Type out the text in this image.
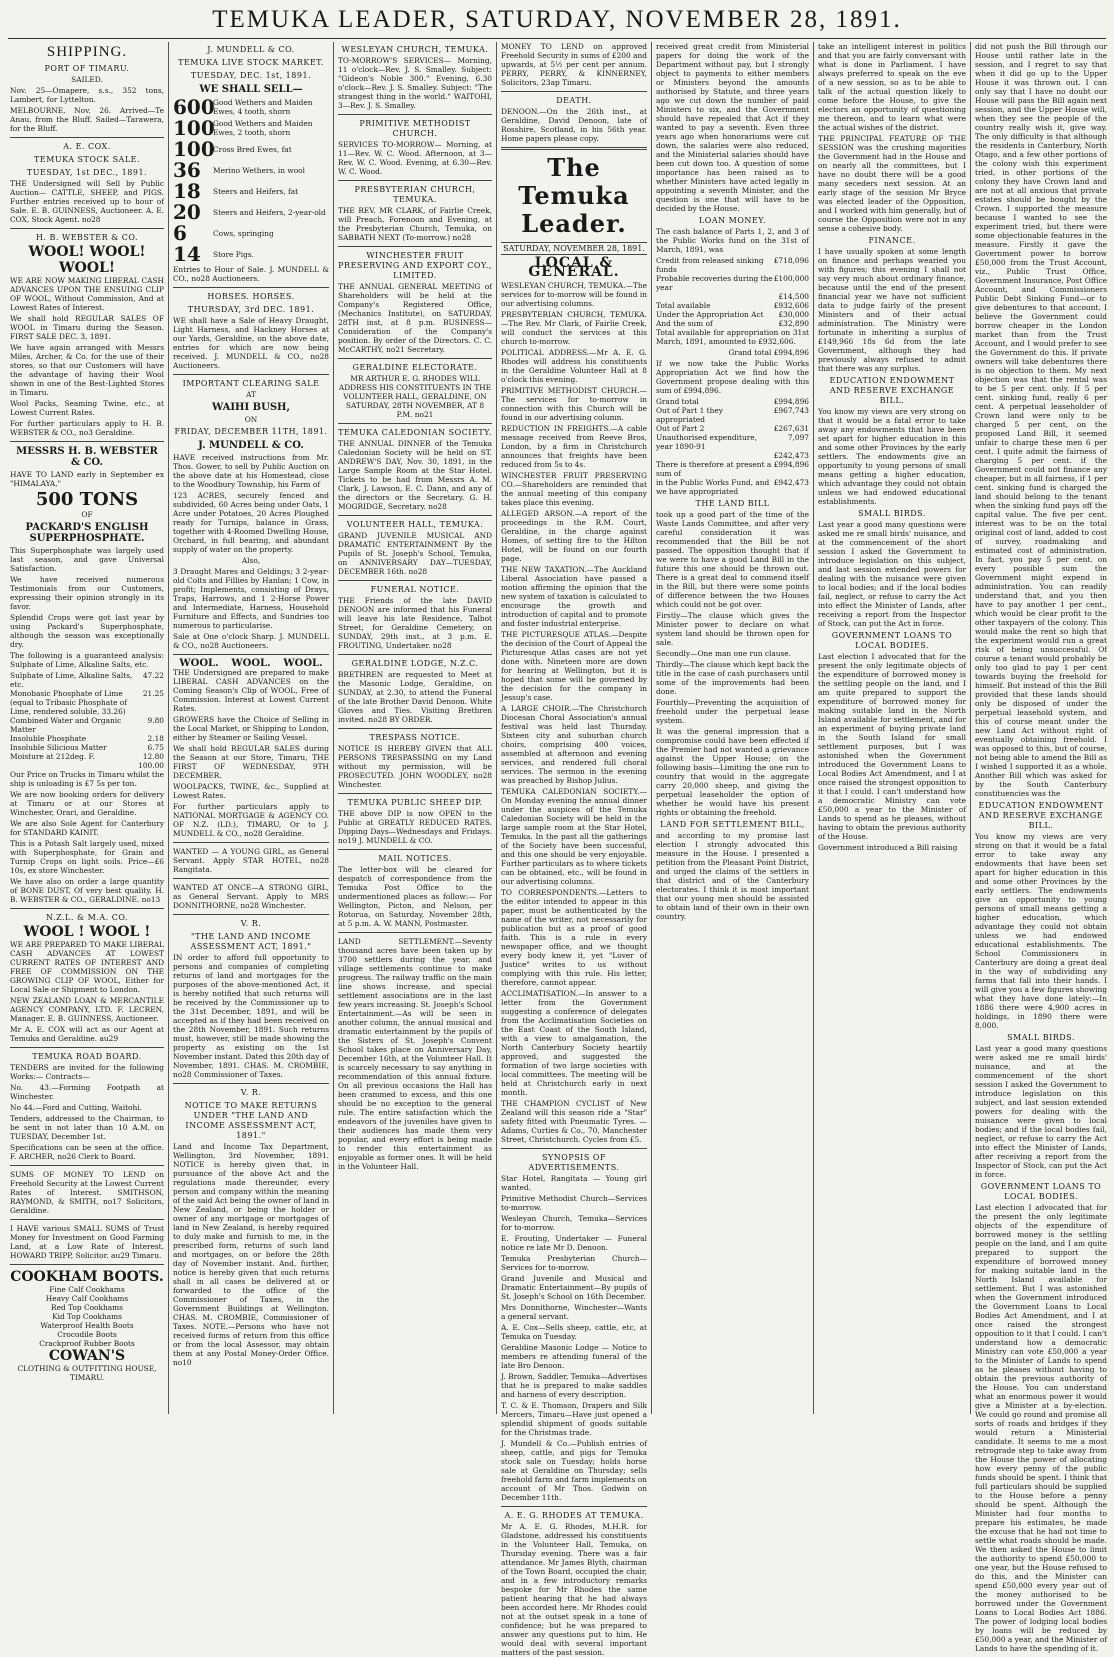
TEMUKA LEADER, SATURDAY, NOVEMBER 28, 1891.
SHIPPING.
PORT OF TIMARU.

SAILED.

Nov. 25—Omapere, s.s., 352 tons, Lambert, for Lyttelton.

MELBOURNE, Nov. 26. Arrived—Te Anau, from the Bluff. Sailed—Tarawera, for the Bluff.

A. E. COX.
TEMUKA STOCK SALE.
TUESDAY, 1st DEC., 1891.

THE Undersigned will Sell by Public Auction— CATTLE, SHEEP, and PIGS. Further entries received up to hour of Sale. E. B. GUINNESS, Auctioneer. A. E. COX, Stock Agent. no28

H. B. WEBSTER & CO.
WOOL! WOOL! WOOL!

WE ARE NOW MAKING LIBERAL CASH ADVANCES UPON THE ENSUING CLIP OF WOOL, Without Commission, And at Lowest Rates of Interest.

We shall hold REGULAR SALES OF WOOL in Timaru during the Season. FIRST SALE DEC. 3, 1891.

We have again arranged with Messrs Miles, Archer, & Co. for the use of their stores, so that our Customers will have the advantage of having their Wool shown in one of the Best-Lighted Stores in Timaru.

Wool Packs, Seaming Twine, etc., at Lowest Current Rates.

For further particulars apply to H. B. WEBSTER & CO., no3 Geraldine.

MESSRS H. B. WEBSTER & CO.

HAVE TO LAND early in September ex "HIMALAYA,"

500 TONS

OF

PACKARD'S ENGLISH SUPERPHOSPHATE.

This Superphosphate was largely used last season, and gave Universal Satisfaction.

We have received numerous Testimonials from our Customers, expressing their opinion strongly in its favor.

Splendid Crops were got last year by using Packard's Superphosphate, although the season was exceptionally dry.

The following is a guaranteed analysis: Sulphate of Lime, Alkaline Salts, etc.

Sulphate of Lime, Alkaline Salts, etc.	47.22
Monobasic Phosphate of Lime (equal to Tribasic Phosphate of Lime, rendered soluble, 33.26)	21.25
Combined Water and Organic Matter	9.80
Insoluble Phosphate	2.18
Insoluble Silicious Matter	6.75
Moisture at 212deg. F.	12.80
	100.00

Our Price on Trucks in Timaru whilst the ship is unloading is £7 5s per ton.

We are now booking orders for delivery at Timaru or at our Stores at Winchester, Orari, and Geraldine.

We are also Sole Agent for Canterbury for STANDARD KAINIT.

This is a Potash Salt largely used, mixed with Superphosphate, for Grain and Turnip Crops on light soils. Price—£6 10s, ex store Winchester.

We have also on order a large quantity of BONE DUST, Of very best quality. H. B. WEBSTER & CO., GERALDINE. no13

N.Z.L. & M.A. CO.
WOOL ! WOOL !

WE ARE PREPARED TO MAKE LIBERAL CASH ADVANCES AT LOWEST CURRENT RATES OF INTEREST AND FREE OF COMMISSION ON THE GROWING CLIP OF WOOL, Either for Local Sale or Shipment to London.

NEW ZEALAND LOAN & MERCANTILE AGENCY COMPANY, LTD. F. LECREN, Manager. E. B. GUINNESS, Auctioneer.

Mr A. E. COX will act as our Agent at Temuka and Geraldine. au29

TEMUKA ROAD BOARD.

TENDERS are invited for the following Works:— Contracts—

No. 43.—Forming Footpath at Winchester.

No 44.—Ford and Cutting, Waitohi.

Tenders, addressed to the Chairman, to be sent in not later than 10 A.M. on TUESDAY, December 1st.

Specifications can be seen at the office. F. ARCHER, no26 Clerk to Board.

SUMS OF MONEY TO LEND on Freehold Security at the Lowest Current Rates of Interest. SMITHSON, RAYMOND, & SMITH, no17 Solicitors, Geraldine.

I HAVE various SMALL SUMS of Trust Money for Investment on Good Farming Land, at a Low Rate of Interest. HOWARD TRIPP, Solicitor. au29 Timaru.

COOKHAM BOOTS.

Fine Calf Cookhams

Heavy Calf Cookhams

Red Top Cookhams

Kid Top Cookhams

Waterproof Health Boots

Crocodile Boots

Crackproof Rubber Boots

COWAN'S

CLOTHING & OUTFITTING HOUSE, TIMARU.

J. MUNDELL & CO.
TEMUKA LIVE STOCK MARKET.
TUESDAY, DEC. 1st, 1891.
WE SHALL SELL—
600
Good Wethers and Maiden Ewes, 4 tooth, shorn
100
Good Wethers and Maiden Ewes, 2 tooth, shorn
100
Cross Bred Ewes, fat
36	Merino Wethers, in wool
18	Steers and Heifers, fat
20	Steers and Heifers, 2-year-old
6	Cows, springing
14	Store Pigs.

Entries to Hour of Sale. J. MUNDELL & CO., no28 Auctioneers.

HORSES. HORSES.
THURSDAY, 3rd DEC. 1891.

WE shall have a Sale of Heavy Draught, Light Harness, and Hackney Horses at our Yards, Geraldine, on the above date, entries for which are now being received. J. MUNDELL & CO., no28 Auctioneers.

IMPORTANT CLEARING SALE

AT

WAIHI BUSH,

ON

FRIDAY, DECEMBER 11TH, 1891.
J. MUNDELL & CO.

HAVE received instructions from Mr. Thos. Gower, to sell by Public Auction on the above date at his Homestead, close to the Woodbury Township, his Farm of

123 ACRES, securely fenced and subdivided, 60 Acres being under Oats, 1 Acre under Potatoes, 20 Acres Ploughed ready for Turnips, balance in Grass, together with 4-Roomed Dwelling House, Orchard, in full bearing, and abundant supply of water on the property.

Also,

3 Draught Mares and Geldings; 3 2-year-old Colts and Fillies by Hanlan; 1 Cow, in profit; Implements, consisting of Drays, Traps, Harrows, and 1 2-Horse Power and Intermediate, Harness, Household Furniture and Effects, and Sundries too numerous to particularise.

Sale at One o'clock Sharp. J. MUNDELL & CO., no28 Auctioneers.

WOOL. WOOL. WOOL.

THE Undersigned are prepared to make LIBERAL CASH ADVANCES on the Coming Season's Clip of WOOL, Free of Commission. Interest at Lowest Current Rates.

GROWERS have the Choice of Selling in the Local Market, or Shipping to London, either by Steamer or Sailing Vessel.

We shall hold REGULAR SALES during the Season at our Store, Timaru, THE FIRST OF WEDNESDAY, 9TH DECEMBER.

WOOLPACKS, TWINE, &c., Supplied at Lowest Rates.

For further particulars apply to NATIONAL MORTGAGE & AGENCY CO. OF N.Z. (LD.), TIMARU, Or to J. MUNDELL & CO., no28 Geraldine.

WANTED — A YOUNG GIRL, as General Servant. Apply STAR HOTEL, no28 Rangitata.

WANTED AT ONCE—A STRONG GIRL, as General Servant. Apply to MRS DONNITHORNE, no28 Winchester.

V. R.
"THE LAND AND INCOME ASSESSMENT ACT, 1891."

IN order to afford full opportunity to persons and companies of completing returns of land and mortgages for the purposes of the above-mentioned Act, it is hereby notified that such returns will be received by the Commissioner up to the 31st December, 1891, and will be accepted as if they had been received on the 28th November, 1891. Such returns must, however, still be made showing the property as existing on the 1st November instant. Dated this 20th day of November, 1891. CHAS. M. CROMBIE, no28 Commissioner of Taxes.

V. R.
NOTICE TO MAKE RETURNS UNDER "THE LAND AND INCOME ASSESSMENT ACT, 1891."

Land and Income Tax Department, Wellington, 3rd November, 1891. NOTICE is hereby given that, in pursuance of the above Act and the regulations made thereunder, every person and company within the meaning of the said Act being the owner of land in New Zealand, or being the holder or owner of any mortgage or mortgages of land in New Zealand, is hereby required to duly make and furnish to me, in the prescribed form, returns of such land and mortgages, on or before the 28th day of November instant. And, further, notice is hereby given that such returns shall in all cases be delivered at or forwarded to the office of the Commissioner of Taxes, in the Government Buildings at Wellington. CHAS. M. CROMBIE, Commissioner of Taxes. NOTE.—Persons who have not received forms of return from this office or from the local Assessor, may obtain them at any Postal Money-Order Office. no10

WESLEYAN CHURCH, TEMUKA.

TO-MORROW'S SERVICES— Morning, 11 o'clock—Rev. J. S. Smalley. Subject: "Gideon's Noble 300." Evening, 6.30 o'clock—Rev. J. S. Smalley. Subject: "The strangest thing in the world." WAITOHI, 3—Rev. J. S. Smalley.

PRIMITIVE METHODIST CHURCH.

SERVICES TO-MORROW— Morning, at 11—Rev. W. C. Wood. Afternoon, at 3—Rev. W. C. Wood. Evening, at 6.30—Rev. W. C. Wood.

PRESBYTERIAN CHURCH, TEMUKA.

THE REV. MR CLARK, of Fairlie Creek, will Preach, Forenoon and Evening, at the Presbyterian Church, Temuka, on SABBATH NEXT (To-morrow.) no28

WINCHESTER FRUIT PRESERVING AND EXPORT COY., LIMITED.

THE ANNUAL GENERAL MEETING of Shareholders will be held at the Company's Registered Office, (Mechanics Institute), on SATURDAY, 28TH inst, at 8 p.m. BUSINESS— Consideration of the Company's position. By order of the Directors. C. C. McCARTHY, no21 Secretary.

GERALDINE ELECTORATE.

MR ARTHUR E. G. RHODES WILL ADDRESS HIS CONSTITUENTS IN THE VOLUNTEER HALL, GERALDINE, ON SATURDAY, 28TH NOVEMBER, AT 8 P.M. no21

TEMUKA CALEDONIAN SOCIETY.

THE ANNUAL DINNER of the Temuka Caledonian Society will be held on ST. ANDREW'S DAY, Nov. 30, 1891, in the Large Sample Room at the Star Hotel. Tickets to be had from Messrs A. M. Clark, J. Lawson, E. C. Dann, and any of the directors or the Secretary. G. H. MOGRIDGE, Secretary. no28

VOLUNTEER HALL, TEMUKA.

GRAND JUVENILE MUSICAL AND DRAMATIC ENTERTAINMENT By the Pupils of St. Joseph's School, Temuka, on ANNIVERSARY DAY—TUESDAY, DECEMBER 16th. no28

FUNERAL NOTICE.

THE Friends of the late DAVID DENOON are informed that his Funeral will leave his late Residence, Talbot Street, for Geraldine Cemetery, on SUNDAY, 29th inst., at 3 p.m. E. FROUTING, Undertaker. no28

GERALDINE LODGE, N.Z.C.

BRETHREN are requested to Meet at the Masonic Lodge, Geraldine, on SUNDAY, at 2.30, to attend the Funeral of the late Brother David Denoon. White Gloves and Ties. Visiting Brethren invited. no28 BY ORDER.

TRESPASS NOTICE.

NOTICE IS HEREBY GIVEN that ALL PERSONS TRESPASSING on my Land without my permission, will be PROSECUTED. JOHN WOODLEY, no28 Winchester.

TEMUKA PUBLIC SHEEP DIP.

THE above DIP is now OPEN to the Public at GREATLY REDUCED RATES. Dipping Days—Wednesdays and Fridays. no19 J. MUNDELL & CO.

MAIL NOTICES.

The letter-box will be cleared for despatch of correspondence from the Temuka Post Office to the undermentioned places as follow:— For Wellington, Picton, and Nelson, per Rotorua, on Saturday, November 28th, at 5 p.m. A. W. MANN, Postmaster.

LAND SETTLEMENT.—Seventy thousand acres have been taken up by 3700 settlers during the year, and village settlements continue to make progress. The railway traffic on the main line shows increase, and special settlement associations are in the last few years increasing. St. Joseph's School Entertainment.—As will be seen in another column, the annual musical and dramatic entertainment by the pupils of the Sisters of St. Joseph's Convent School takes place on Anniversary Day, December 16th, at the Volunteer Hall. It is scarcely necessary to say anything in recommendation of this annual fixture. On all previous occasions the Hall has been crammed to excess, and this one should be no exception to the general rule. The entire satisfaction which the endeavors of the juveniles have given to their audiences has made them very popular, and every effort is being made to render this entertainment as enjoyable as former ones. It will be held in the Volunteer Hall.

MONEY TO LEND on approved Freehold Security in sums of £200 and upwards, at 5½ per cent per annum. PERRY, PERRY, & KINNERNEY, Solicitors, 23ap Timaru.

DEATH.

DENOON.—On the 26th inst., at Geraldine, David Denoon, late of Rosshire, Scotland, in his 56th year. Home papers please copy.

The Temuka Leader.
SATURDAY, NOVEMBER 28, 1891.
LOCAL & GENERAL.

WESLEYAN CHURCH, TEMUKA.—The services for to-morrow will be found in our advertising columns.

PRESBYTERIAN CHURCH, TEMUKA.—The Rev. Mr Clark, of Fairlie Creek, will conduct the services at this church to-morrow.

POLITICAL ADDRESS.—Mr A. E. G. Rhodes will address his constituents in the Geraldine Volunteer Hall at 8 o'clock this evening.

PRIMITIVE METHODIST CHURCH.—The services for to-morrow in connection with this Church will be found in our advertising column.

REDUCTION IN FREIGHTS.—A cable message received from Reeve Bros, London, by a firm in Christchurch announces that freights have been reduced from 5s to 4s.

WINCHESTER FRUIT PRESERVING CO.—Shareholders are reminded that the annual meeting of this company takes place this evening.

ALLEGED ARSON.—A report of the proceedings in the R.M. Court, Geraldine, in the charge against Homes, of setting fire to the Hilton Hotel, will be found on our fourth page.

THE NEW TAXATION.—The Auckland Liberal Association have passed a motion affirming the opinion that the new system of taxation is calculated to encourage the growth and introduction of capital and to promote and foster industrial enterprise.

THE PICTURESQUE ATLAS.—Despite the decision of the Court of Appeal the Picturesque Atlas cases are not yet done with. Nineteen more are down for hearing at Wellington, but it is hoped that some will be governed by the decision for the company in Jessup's case.

A LARGE CHOIR.—The Christchurch Diocesan Choral Association's annual festival was held last Thursday. Sixteen city and suburban church choirs, comprising 400 voices, assembled at afternoon and evening services, and rendered full choral services. The sermon in the evening was preached by Bishop Julius.

TEMUKA CALEDONIAN SOCIETY.—On Monday evening the annual dinner under the auspices of the Temuka Caledonian Society will be held in the large sample room at the Star Hotel, Temuka. In the past all the gatherings of the Society have been successful, and this one should be very enjoyable. Further particulars as to where tickets can be obtained, etc., will be found in our advertising columns.

TO CORRESPONDENTS.—Letters to the editor intended to appear in this paper, must be authenticated by the name of the writer, not necessarily for publication but as a proof of good faith. This is a rule in every newspaper office, and we thought every body knew it, yet "Lover of Justice" writes to us without complying with this rule. His letter, therefore, cannot appear.

ACCLIMATISATION.—In answer to a letter from the Government suggesting a conference of delegates from the Acclimatisation Societies on the East Coast of the South Island, with a view to amalgamation, the North Canterbury Society heartily approved, and suggested the formation of two large societies with local committees. The meeting will be held at Christchurch early in next month.

THE CHAMPION CYCLIST of New Zealand will this season ride a "Star" safety fitted with Pneumatic Tyres. — Adams, Curties & Co., 70, Manchester Street, Christchurch. Cycles from £5.

SYNOPSIS OF ADVERTISEMENTS.

Star Hotel, Rangitata — Young girl wanted.

Primitive Methodist Church—Services to-morrow.

Wesleyan Church, Temuka—Services for to-morrow.

E. Frouting, Undertaker — Funeral notice re late Mr D. Denoon.

Temuka Presbyterian Church—Services for to-morrow.

Grand Juvenile and Musical and Dramatic Entertainment—By pupils of St. Joseph's School on 16th December.

Mrs Donnithorne, Winchester—Wants a general servant.

A. E. Cox—Sells sheep, cattle, etc, at Temuka on Tuesday.

Geraldine Masonic Lodge — Notice to members re attending funeral of the late Bro Denoon.

J. Brown, Saddler, Temuka—Advertises that he is prepared to make saddles and harness of every description.

T. C. & E. Thomson, Drapers and Silk Mercers, Timaru—Have just opened a splendid shipment of goods suitable for the Christmas trade.

J. Mundell & Co.—Publish entries of sheep, cattle, and pigs for Temuka stock sale on Tuesday; holds horse sale at Geraldine on Thursday; sells freehold farm and farm implements on account of Mr Thos. Godwin on December 11th.

A. E. G. RHODES AT TEMUKA.

Mr A. E. G. Rhodes, M.H.R. for Gladstone, addressed his constituents in the Volunteer Hall, Temuka, on Thursday evening. There was a fair attendance. Mr James Blyth, chairman of the Town Board, occupied the chair, and in a few introductory remarks bespoke for Mr Rhodes the same patient hearing that he had always been accorded here. Mr Rhodes could not at the outset speak in a tone of confidence; but he was prepared to answer any questions put to him. He would deal with several important matters of the past session.

received great credit from Ministerial papers for doing the work of the Department without pay, but I strongly object to payments to either members or Ministers beyond the amounts authorised by Statute, and three years ago we cut down the number of paid Ministers to six, and the Government should have repealed that Act if they wanted to pay a seventh. Even three years ago when honorariums were cut down, the salaries were also reduced, and the Ministerial salaries should have been cut down too. A question of some importance has been raised as to whether Ministers have acted legally in appointing a seventh Minister, and the question is one that will have to be decided by the House.

LOAN MONEY.

The cash balance of Parts 1, 2, and 3 of the Public Works fund on the 31st of March, 1891, was

Credit from released sinking funds	£718,096
Probable recoveries during the year	£100,000
	£14,500
Total available	£932,606
Under the Appropriation Act	£30,000
And the sum of	£32,890

Total available for appropriation on 31st March, 1891, amounted to £932,606.

Grand total £994,896

If we now take the Public Works Appropriation Act we find how the Government propose dealing with this sum of £994,896.

Grand total	£994,896
Out of Part 1 they appropriated	£967,743
Out of Part 2	£267,631
Unauthorised expenditure, year 1890-91	7,097
	£242,473
There is therefore at present a sum of	£994,896
in the Public Works Fund, and we have appropriated	£942,473
THE LAND BILL

took up a good part of the time of the Waste Lands Committee, and after very careful consideration it was recommended that the Bill be not passed. The opposition thought that if we were to have a good Land Bill in the future this one should be thrown out. There is a great deal to commend itself in the Bill, but there were some points of difference between the two Houses which could not be got over.

Firstly—The clause which gives the Minister power to declare on what system land should be thrown open for sale.

Secondly—One man one run clause.

Thirdly—The clause which kept back the title in the case of cash purchasers until some of the improvements had been done.

Fourthly—Preventing the acquisition of freehold under the perpetual lease system.

It was the general impression that a compromise could have been effected if the Premier had not wanted a grievance against the Upper House; on the following basis—Limiting the one run to country that would in the aggregate carry 20,000 sheep, and giving the perpetual leaseholder the option of whether he would have his present rights or obtaining the freehold.

LAND FOR SETTLEMENT BILL,

and according to my promise last election I strongly advocated this measure in the House. I presented a petition from the Pleasant Point District, and urged the claims of the settlers in that district and of the Canterbury electorates. I think it is most important that our young men should be assisted to obtain land of their own in their own country.

take an intelligent interest in politics and that you are fairly conversant with what is done in Parliament. I have always preferred to speak on the eve of a new session, so as to be able to talk of the actual question likely to come before the House, to give the electors an opportunity of questioning me thereon, and to learn what were the actual wishes of the district.

THE PRINCIPAL FEATURE OF THE SESSION was the crushing majorities the Government had in the House and on nearly all the committees, but I have no doubt there will be a good many seceders next session. At an early stage of the session Mr Bryce was elected leader of the Opposition, and I worked with him generally, but of course the Opposition were not in any sense a cohesive body.

FINANCE.

I have usually spoken at some length on finance and perhaps wearied you with figures; this evening I shall not say very much about ordinary finance, because until the end of the present financial year we have not sufficient data to judge fairly of the present Ministers and of their actual administration. The Ministry were fortunate in inheriting a surplus of £149,966 18s 6d from the late Government, although they had previously always refused to admit that there was any surplus.

EDUCATION ENDOWMENT AND RESERVE EXCHANGE BILL.

You know my views are very strong on that it would be a fatal error to take away any endowments that have been set apart for higher education in this and some other Provinces by the early settlers. The endowments give an opportunity to young persons of small means getting a higher education, which advantage they could not obtain unless we had endowed educational establishments.

SMALL BIRDS.

Last year a good many questions were asked me re small birds' nuisance, and at the commencement of the short session I asked the Government to introduce legislation on this subject, and last session extended powers for dealing with the nuisance were given to local bodies; and if the local bodies fail, neglect, or refuse to carry the Act into effect the Minister of Lands, after receiving a report from the Inspector of Stock, can put the Act in force.

GOVERNMENT LOANS TO LOCAL BODIES.

Last election I advocated that for the present the only legitimate objects of the expenditure of borrowed money is the settling people on the land, and I am quite prepared to support the expenditure of borrowed money for making suitable land in the North Island available for settlement, and for an experiment of buying private land in the South Island for small settlement purposes, but I was astonished when the Government introduced the Government Loans to Local Bodies Act Amendment, and I at once raised the strongest opposition to it that I could. I can't understand how a democratic Ministry can vote £50,000 a year to the Minister of Lands to spend as he pleases, without having to obtain the previous authority of the House.

Government introduced a Bill raising

did not push the Bill through our House until rather late in the session, and I regret to say that when it did go up to the Upper House it was thrown out. I can only say that I have no doubt our House will pass the Bill again next session, and the Upper House will, when they see the people of the country really wish it, give way. The only difficulty is that although the residents in Canterbury, North Otago, and a few other portions of the colony wish this experiment tried, in other portions of the colony they have Crown land and are not at all anxious that private estates should be bought by the Crown. I supported the measure because I wanted to see the experiment tried, but there were some objectionable features in the measure. Firstly it gave the Government power to borrow £50,000 from the Trust Account, viz., Public Trust Office, Government Insurance, Post Office Account, and Commissioners Public Debt Sinking Fund—or to give debentures to that account. I believe the Government could borrow cheaper in the London market than from the Trust Account, and I would prefer to see the Government do this. If private owners will take debentures there is no objection to them. My next objection was that the rental was to be 5 per cent. only. If 5 per cent. sinking fund, really 6 per cent. A perpetual leaseholder of Crown land were only to be charged 5 per cent, on the proposed Land Bill, it seemed unfair to charge these men 6 per cent. I quite admit the fairness of charging 5 per cent. if the Government could not finance any cheaper, but in all fairness, if 1 per cent. sinking fund is charged the land should belong to the tenant when the sinking fund pays off the capital value. The five per cent. interest was to be on the total original cost of land, added to cost of survey, roadmaking and estimated cost of administration. In fact, you pay 5 per cent. on every possible sum the Government might expend in administration. You can readily understand that, and you then have to pay another 1 per cent., which would be clear profit to the other taxpayers of the colony. This would make the rent so high that the experiment would run a great risk of being unsuccessful. Of course a tenant would probably be only too glad to pay 1 per cent towards buying the freehold for himself. But instead of this the Bill provided that these lands should only be disposed of under the perpetual leasehold system, and this of course meant under the new Land Act without right of eventually obtaining freehold. I was opposed to this, but of course, not being able to amend the Bill as I wished I supported it as a whole. Another Bill which was asked for by the South Canterbury constituencies was the

EDUCATION ENDOWMENT AND RESERVE EXCHANGE BILL.

You know my views are very strong on that it would be a fatal error to take away any endowments that have been set apart for higher education in this and some other Provinces by the early settlers. The endowments give an opportunity to young persons of small means getting a higher education, which advantage they could not obtain unless we had endowed educational establishments. The School Commissioners in Canterbury are doing a great deal in the way of subdividing any farms that fall into their hands. I will give you a few figures showing what they have done lately:—In 1886 there were 4,900 acres in holdings, in 1890 there were 8,000.

SMALL BIRDS.

Last year a good many questions were asked me re small birds' nuisance, and at the commencement of the short session I asked the Government to introduce legislation on this subject, and last session extended powers for dealing with the nuisance were given to local bodies; and if the local bodies fail, neglect, or refuse to carry the Act into effect the Minister of Lands, after receiving a report from the Inspector of Stock, can put the Act in force.

GOVERNMENT LOANS TO LOCAL BODIES.

Last election I advocated that for the present the only legitimate objects of the expenditure of borrowed money is the settling people on the land, and I am quite prepared to support the expenditure of borrowed money for making suitable land in the North Island available for settlement. But I was astonished when the Government introduced the Government Loans to Local Bodies Act Amendment, and I at once raised the strongest opposition to it that I could. I can't understand how a democratic Ministry can vote £50,000 a year to the Minister of Lands to spend as he pleases without having to obtain the previous authority of the House. You can understand what an enormous power it would give a Minister at a by-election. We could go round and promise all sorts of roads and bridges if they would return a Ministerial candidate. It seems to me a most retrograde step to take away from the House the power of allocating how every penny of the public funds should be spent. I think that full particulars should be supplied to the House before a penny should be spent. Although the Minister had four months to prepare his estimates, he made the excuse that he had not time to settle what roads should be made. We then asked the House to limit the authority to spend £50,000 to one year, but the House refused to do this, and the Minister can spend £50,000 every year out of the money authorised to be borrowed under the Government Loans to Local Bodies Act 1886. The power of lodging local bodies by loans will be reduced by £50,000 a year, and the Minister of Lands to have the spending of it.
